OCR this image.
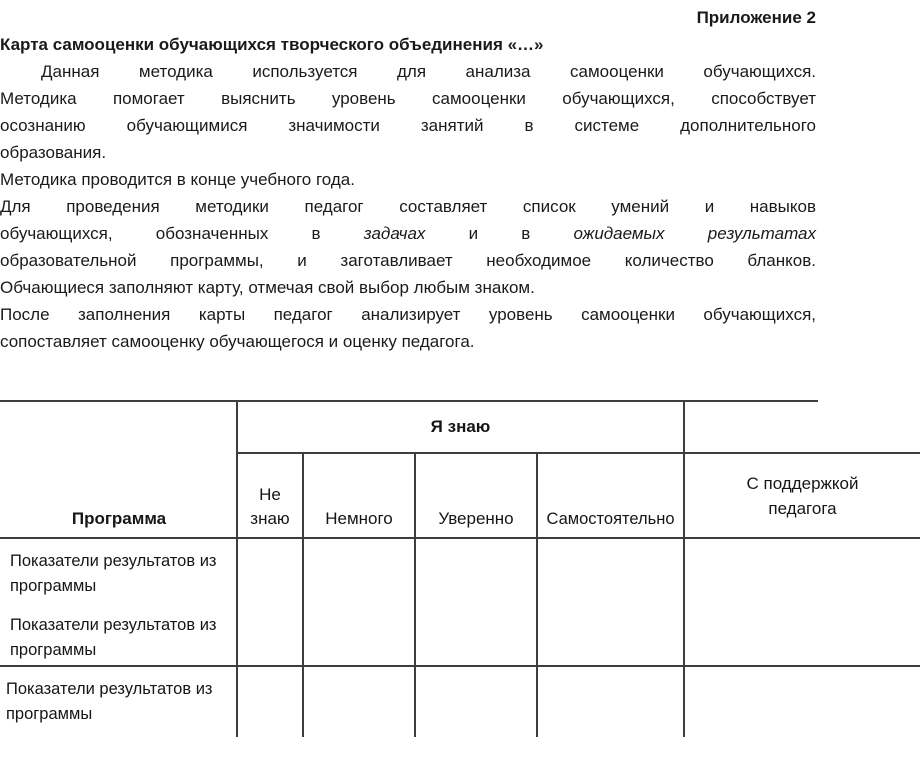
Приложение 2
Карта самооценки обучающихся творческого объединения «…»
Данная методика используется для анализа самооценки обучающихся.
Методика помогает выяснить уровень самооценки обучающихся, способствует
осознанию обучающимися значимости занятий в системе дополнительного
образования.
Методика проводится в конце учебного года.
Для проведения методики педагог составляет список умений и навыков
обучающихся, обозначенных в задачах и в ожидаемых результатах
образовательной программы, и заготавливает необходимое количество бланков.
Обчающиеся заполняют карту, отмечая свой выбор любым знаком.
После заполнения карты педагог анализирует уровень самооценки обучающихся,
сопоставляет самооценку обучающегося и оценку педагога.
Программа
Я знаю
Не знаю Немного	Уверенно Самостоятельно
С поддержкой педагога

Показатели результатов из программы

Показатели результатов из программы

Показатели результатов из программы
